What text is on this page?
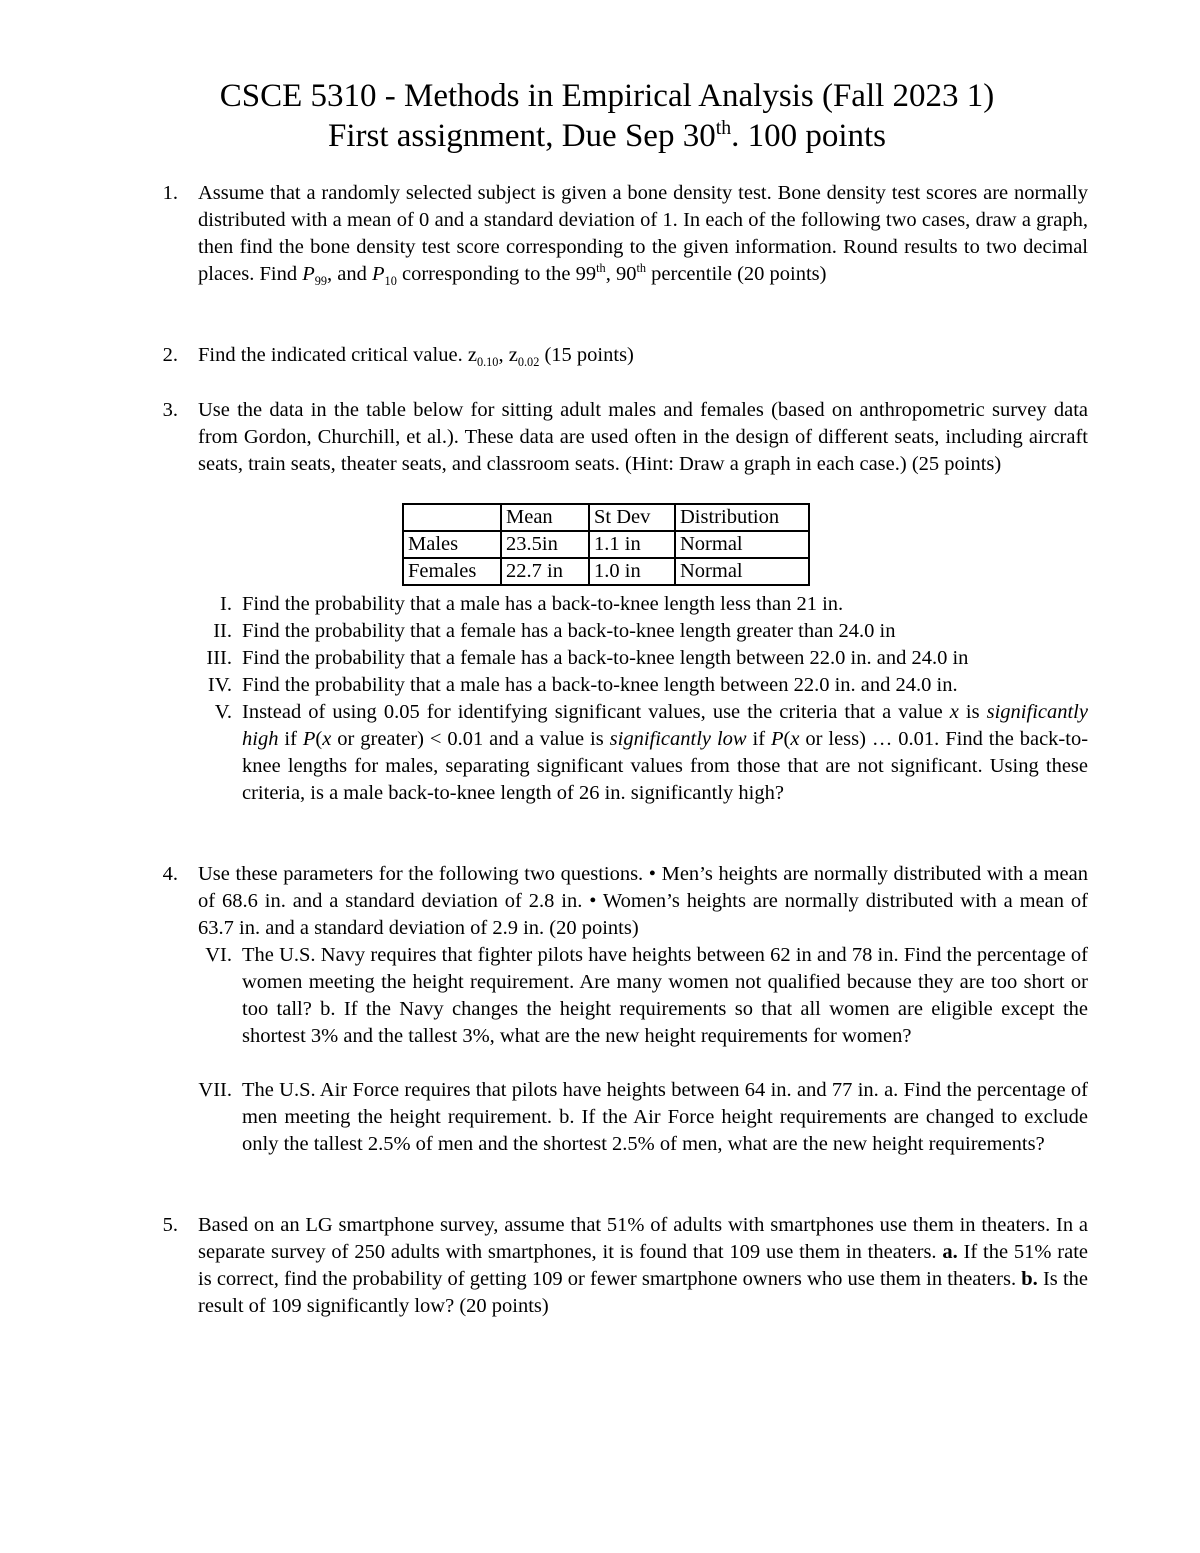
CSCE 5310 - Methods in Empirical Analysis (Fall 2023 1)
First assignment, Due Sep 30th. 100 points
1. Assume that a randomly selected subject is given a bone density test. Bone density test scores are normally distributed with a mean of 0 and a standard deviation of 1. In each of the following two cases, draw a graph, then find the bone density test score corresponding to the given information. Round results to two decimal places. Find $P_{99}$, and $P_{10}$ corresponding to the 99th, 90th percentile (20 points)
2. Find the indicated critical value. $z_{0.10}$, $z_{0.02}$ (15 points)
3. Use the data in the table below for sitting adult males and females (based on anthropometric survey data from Gordon, Churchill, et al.). These data are used often in the design of different seats, including aircraft seats, train seats, theater seats, and classroom seats. (Hint: Draw a graph in each case.) (25 points)
	Mean	St Dev	Distribution
Males	23.5in	1.1 in	Normal
Females	22.7 in	1.0 in	Normal
I. Find the probability that a male has a back-to-knee length less than 21 in.
II. Find the probability that a female has a back-to-knee length greater than 24.0 in
III. Find the probability that a female has a back-to-knee length between 22.0 in. and 24.0 in
IV. Find the probability that a male has a back-to-knee length between 22.0 in. and 24.0 in.
V. Instead of using 0.05 for identifying significant values, use the criteria that a value x is significantly high if P(x or greater) < 0.01 and a value is significantly low if P(x or less) … 0.01. Find the back-to-knee lengths for males, separating significant values from those that are not significant. Using these criteria, is a male back-to-knee length of 26 in. significantly high?
4. Use these parameters for the following two questions. • Men’s heights are normally distributed with a mean of 68.6 in. and a standard deviation of 2.8 in. • Women’s heights are normally distributed with a mean of 63.7 in. and a standard deviation of 2.9 in. (20 points)
VI. The U.S. Navy requires that fighter pilots have heights between 62 in and 78 in. Find the percentage of women meeting the height requirement. Are many women not qualified because they are too short or too tall? b. If the Navy changes the height requirements so that all women are eligible except the shortest 3% and the tallest 3%, what are the new height requirements for women?
VII. The U.S. Air Force requires that pilots have heights between 64 in. and 77 in. a. Find the percentage of men meeting the height requirement. b. If the Air Force height requirements are changed to exclude only the tallest 2.5% of men and the shortest 2.5% of men, what are the new height requirements?
5. Based on an LG smartphone survey, assume that 51% of adults with smartphones use them in theaters. In a separate survey of 250 adults with smartphones, it is found that 109 use them in theaters. a. If the 51% rate is correct, find the probability of getting 109 or fewer smartphone owners who use them in theaters. b. Is the result of 109 significantly low? (20 points)
